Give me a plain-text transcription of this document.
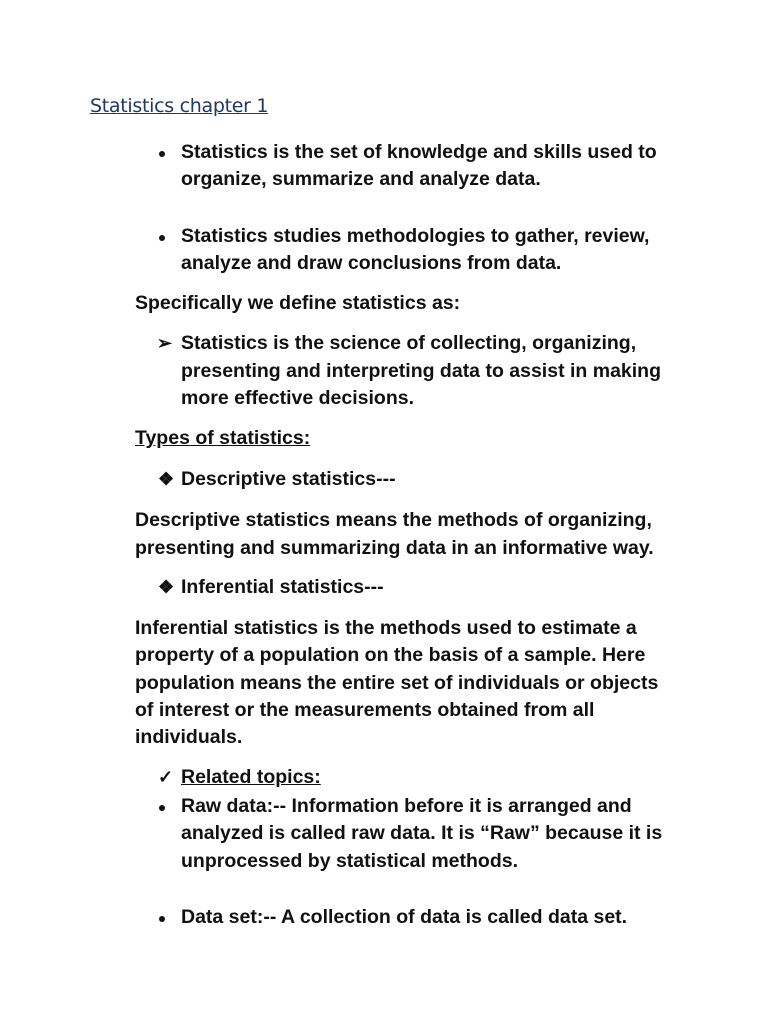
Statistics chapter 1
Statistics is the set of knowledge and skills used to
organize, summarize and analyze data.
Statistics studies methodologies to gather, review,
analyze and draw conclusions from data.
Specifically we define statistics as:
➢ Statistics is the science of collecting, organizing,
presenting and interpreting data to assist in making
more effective decisions.
Types of statistics:
❖ Descriptive statistics---
Descriptive statistics means the methods of organizing,
presenting and summarizing data in an informative way.
❖ Inferential statistics---
Inferential statistics is the methods used to estimate a
property of a population on the basis of a sample. Here
population means the entire set of individuals or objects
of interest or the measurements obtained from all
individuals.
✓ Related topics:
Raw data:-- Information before it is arranged and
analyzed is called raw data. It is “Raw” because it is
unprocessed by statistical methods.
Data set:-- A collection of data is called data set.
